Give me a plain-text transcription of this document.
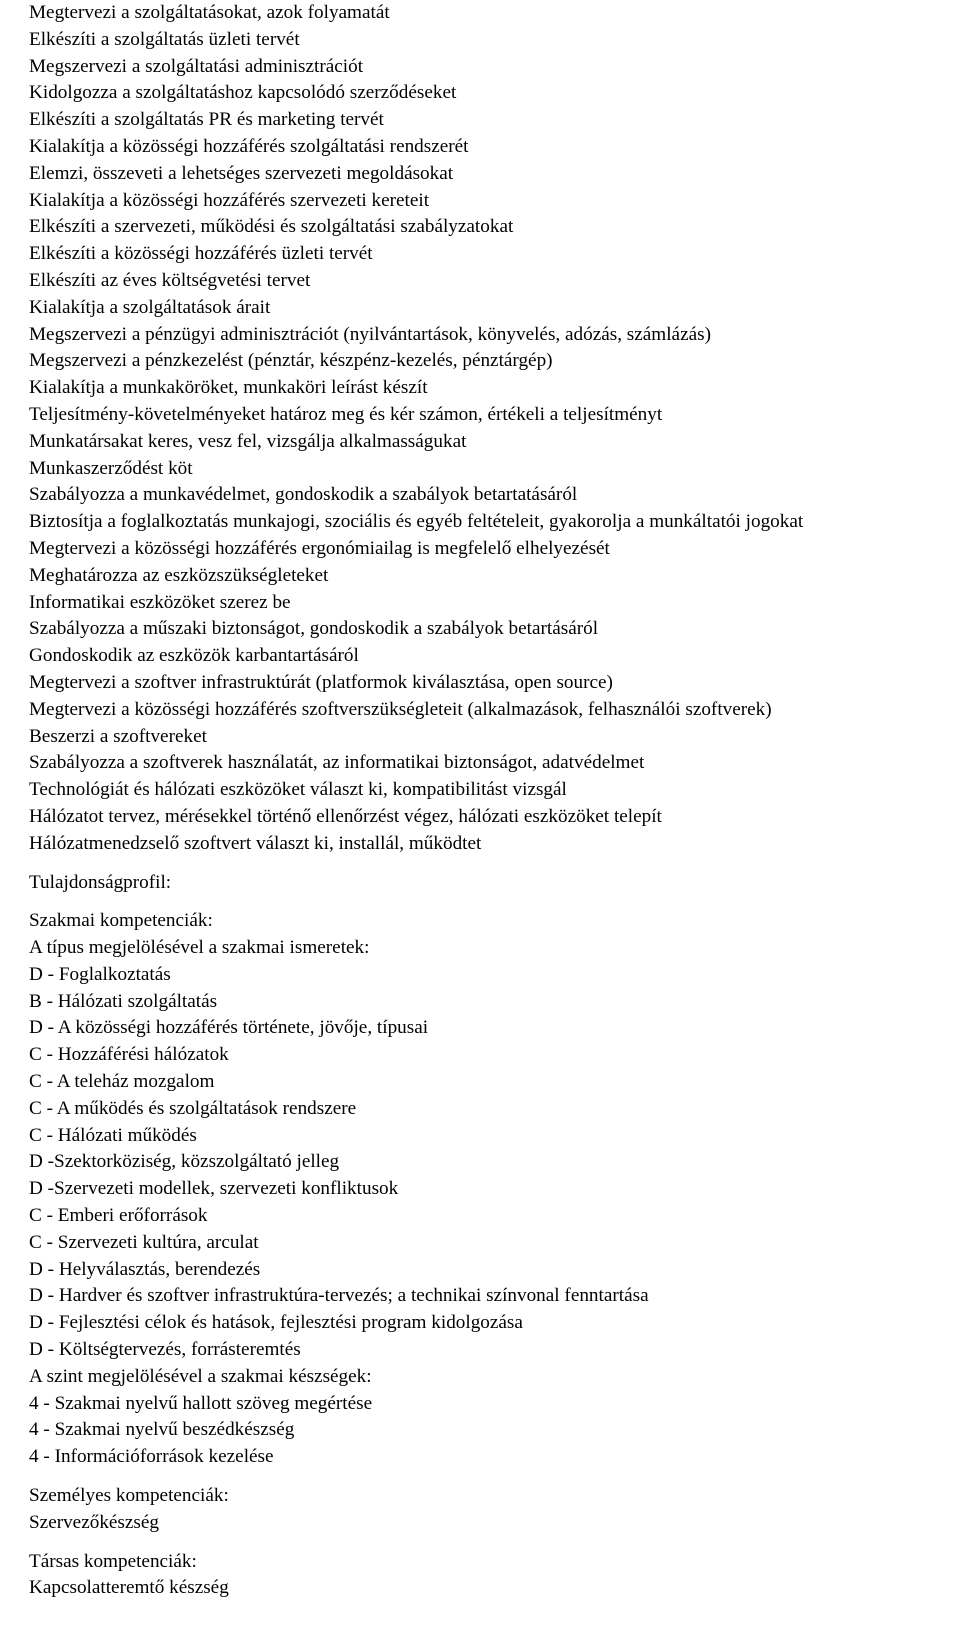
Megtervezi a szolgáltatásokat, azok folyamatát
Elkészíti a szolgáltatás üzleti tervét
Megszervezi a szolgáltatási adminisztrációt
Kidolgozza a szolgáltatáshoz kapcsolódó szerződéseket
Elkészíti a szolgáltatás PR és marketing tervét
Kialakítja a közösségi hozzáférés szolgáltatási rendszerét
Elemzi, összeveti a lehetséges szervezeti megoldásokat
Kialakítja a közösségi hozzáférés szervezeti kereteit
Elkészíti a szervezeti, működési és szolgáltatási szabályzatokat
Elkészíti a közösségi hozzáférés üzleti tervét
Elkészíti az éves költségvetési tervet
Kialakítja a szolgáltatások árait
Megszervezi a pénzügyi adminisztrációt (nyilvántartások, könyvelés, adózás, számlázás)
Megszervezi a pénzkezelést (pénztár, készpénz-kezelés, pénztárgép)
Kialakítja a munkaköröket, munkaköri leírást készít
Teljesítmény-követelményeket határoz meg és kér számon, értékeli a teljesítményt
Munkatársakat keres, vesz fel, vizsgálja alkalmasságukat
Munkaszerződést köt
Szabályozza a munkavédelmet, gondoskodik a szabályok betartatásáról
Biztosítja a foglalkoztatás munkajogi, szociális és egyéb feltételeit, gyakorolja a munkáltatói jogokat
Megtervezi a közösségi hozzáférés ergonómiailag is megfelelő elhelyezését
Meghatározza az eszközszükségleteket
Informatikai eszközöket szerez be
Szabályozza a műszaki biztonságot, gondoskodik a szabályok betartásáról
Gondoskodik az eszközök karbantartásáról
Megtervezi a szoftver infrastruktúrát (platformok kiválasztása, open source)
Megtervezi a közösségi hozzáférés szoftverszükségleteit (alkalmazások, felhasználói szoftverek)
Beszerzi a szoftvereket
Szabályozza a szoftverek használatát, az informatikai biztonságot, adatvédelmet
Technológiát és hálózati eszközöket választ ki, kompatibilitást vizsgál
Hálózatot tervez, mérésekkel történő ellenőrzést végez, hálózati eszközöket telepít
Hálózatmenedzselő szoftvert választ ki, installál, működtet
Tulajdonságprofil:
Szakmai kompetenciák:
A típus megjelölésével a szakmai ismeretek:
D - Foglalkoztatás
B - Hálózati szolgáltatás
D - A közösségi hozzáférés története, jövője, típusai
C - Hozzáférési hálózatok
C - A teleház mozgalom
C - A működés és szolgáltatások rendszere
C - Hálózati működés
D -Szektorköziség, közszolgáltató jelleg
D -Szervezeti modellek, szervezeti konfliktusok
C - Emberi erőforrások
C - Szervezeti kultúra, arculat
D - Helyválasztás, berendezés
D - Hardver és szoftver infrastruktúra-tervezés; a technikai színvonal fenntartása
D - Fejlesztési célok és hatások, fejlesztési program kidolgozása
D - Költségtervezés, forrásteremtés
A szint megjelölésével a szakmai készségek:
4 - Szakmai nyelvű hallott szöveg megértése
4 - Szakmai nyelvű beszédkészség
4 - Információforrások kezelése
Személyes kompetenciák:
Szervezőkészség
Társas kompetenciák:
Kapcsolatteremtő készség
